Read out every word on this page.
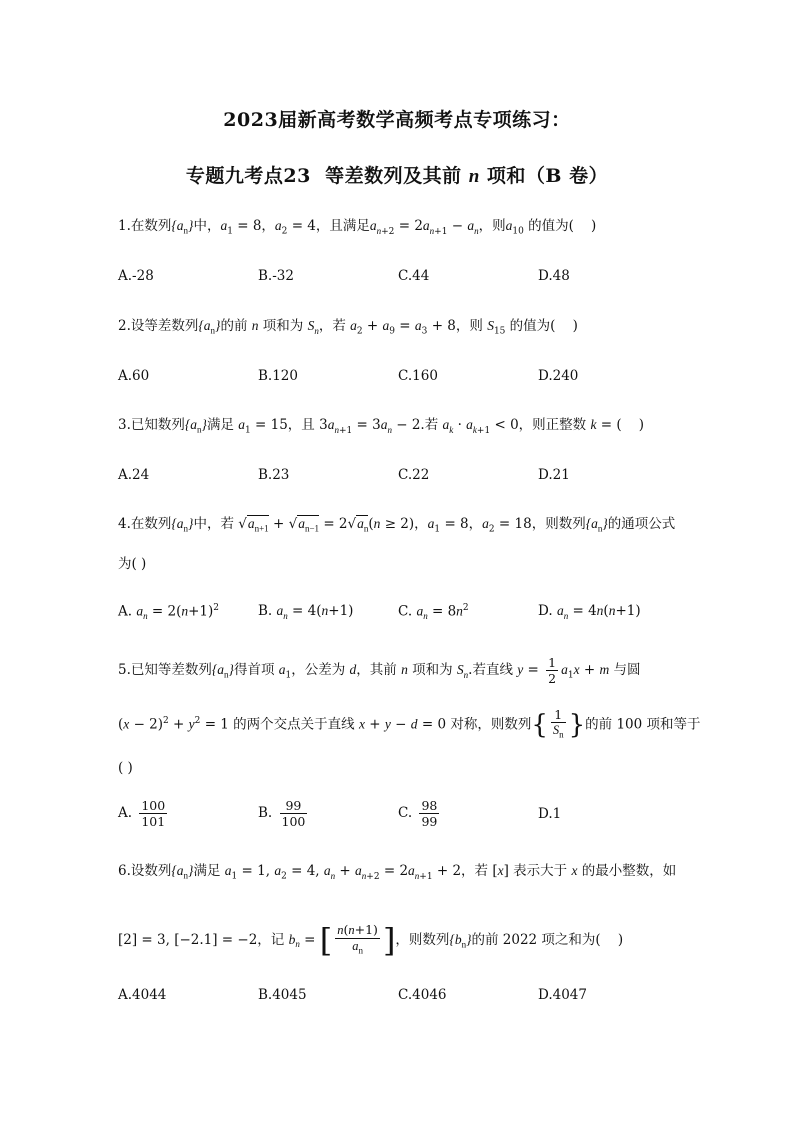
2023届新高考数学高频考点专项练习：
专题九考点23  等差数列及其前 n 项和（B 卷）
1.在数列$\{a_n\}$中，$a_1 = 8$，$a_2 = 4$，且满足$a_{n+2} = 2a_{n+1} - a_n$，则$a_{10}$ 的值为(    )
A.-28	B.-32	C.44	D.48
2.设等差数列$\{a_n\}$的前 n 项和为 $S_n$，若 $a_2 + a_9 = a_3 + 8$，则 $S_{15}$ 的值为(    )
A.60	B.120	C.160	D.240
3.已知数列$\{a_n\}$满足 $a_1 = 15$，且 $3a_{n+1} = 3a_n - 2$.若 $a_k \cdot a_{k+1} < 0$，则正整数 k = (    )
A.24	B.23	C.22	D.21
4.在数列$\{a_n\}$中，若 $√a_{n+1} + √a_{n-1} = 2√a_n(n \ge 2)$，$a_1 = 8$，$a_2 = 18$，则数列$\{a_n\}$的通项公式
为( )
A. $a_n = 2(n+1)^2$	B. $a_n = 4(n+1)$	C. $a_n = 8n^2$	D. $a_n = 4n(n+1)$
5.已知等差数列$\{a_n\}$得首项 $a_1$，公差为 d，其前 n 项和为 $S_n$.若直线 $y = \frac{1}{2} a_1x + m$ 与圆
$(x - 2)^2 + y^2 = 1$ 的两个交点关于直线 x + y − d = 0 对称，则数列{ $\frac{1}{S_n}$ }的前 100 项和等于
( )
A. $\frac{100}{101}$	B. $\frac{99}{100}$	C. $\frac{98}{99}$	D.1
6.设数列$\{a_n\}$满足 $a_1 = 1$, $a_2 = 4$, $a_n + a_{n+2} = 2a_{n+1} + 2$，若 [x] 表示大于 x 的最小整数，如
[2] = 3, [−2.1] = −2，记 $b_n$ = [ $\frac{n(n+1)}{a_n}$ ]，则数列$\{b_n\}$的前 2022 项之和为(    )
A.4044	B.4045	C.4046	D.4047
